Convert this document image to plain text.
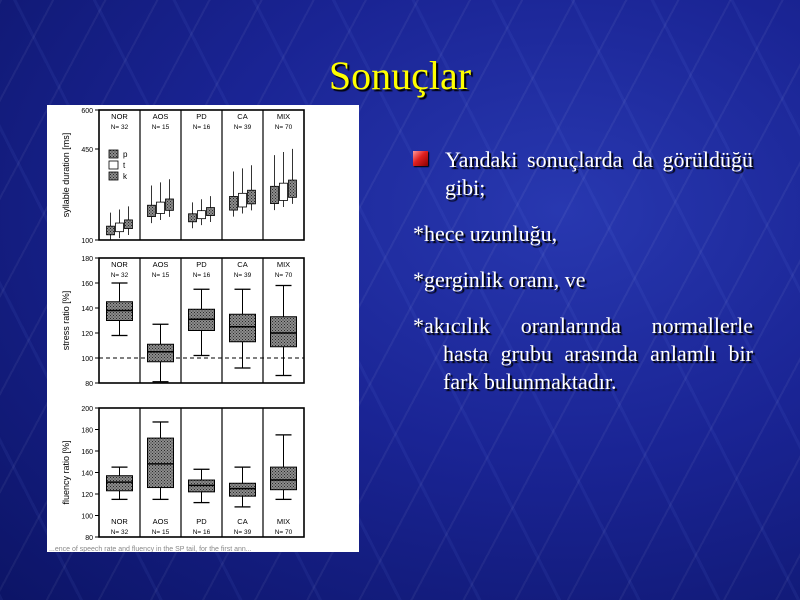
Sonuçlar
syllable duration [ms]
600
450
100
NOR
N= 32
AOS
N= 15
PD
N= 16
CA
N= 39
MIX
N= 70
p
t
k
stress ratio [%]
180
160
140
120
100
80
NOR
N= 32
AOS
N= 15
PD
N= 16
CA
N= 39
MIX
N= 70
fluency ratio [%]
200
180
160
140
120
100
80
NOR
N= 32
AOS
N= 15
PD
N= 16
CA
N= 39
MIX
N= 70
...ence of speech rate and fluency in the SP tail, for the first ann...
Yandaki sonuçlarda da görüldüğü gibi;
*hece uzunluğu,
*gerginlik oranı, ve
*akıcılık oranlarında normallerle hasta grubu arasında anlamlı bir fark bulunmaktadır.
